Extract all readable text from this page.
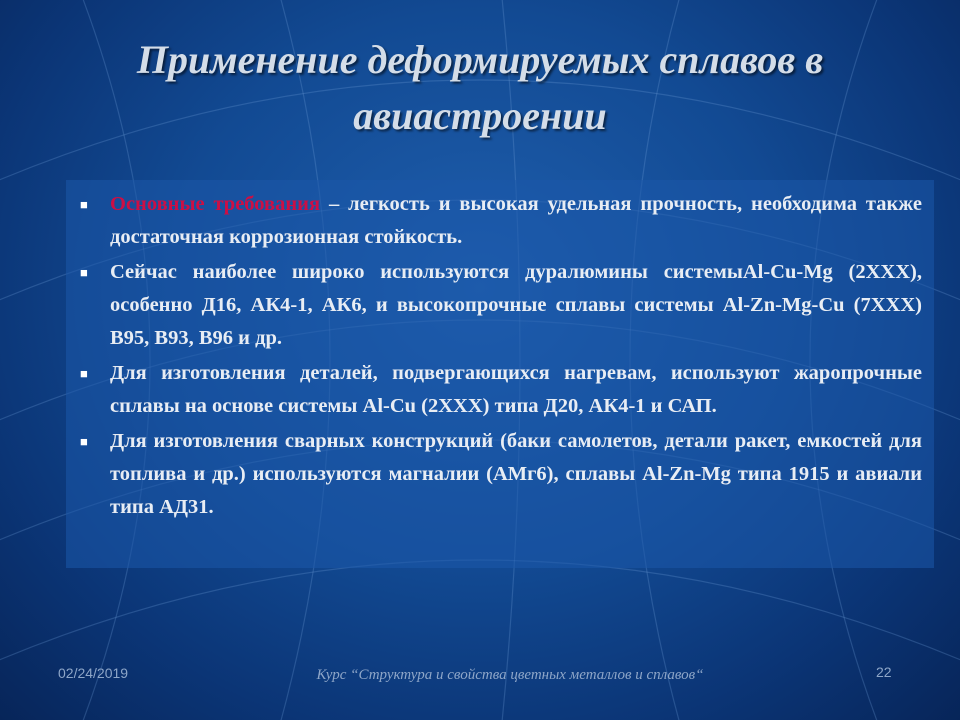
Применение деформируемых сплавов в
авиастроении
■ Основные требования – легкость и высокая удельная прочность, необходима также достаточная коррозионная стойкость.
■ Сейчас наиболее широко используются дуралюмины системыAl-Cu-Mg (2ХХХ), особенно Д16, АК4-1, АК6, и высокопрочные сплавы системы Al-Zn-Mg-Cu (7ХХХ) В95, В93, В96 и др.
■ Для изготовления деталей, подвергающихся нагревам, используют жаропрочные сплавы на основе системы Al-Cu (2ХХХ) типа Д20, АК4-1 и САП.
■ Для изготовления сварных конструкций (баки самолетов, детали ракет, емкостей для топлива и др.) используются магналии (АМг6), сплавы Al-Zn-Mg типа 1915 и авиали типа АД31.
02/24/2019	Курс “Структура и свойства цветных металлов и сплавов“	22
